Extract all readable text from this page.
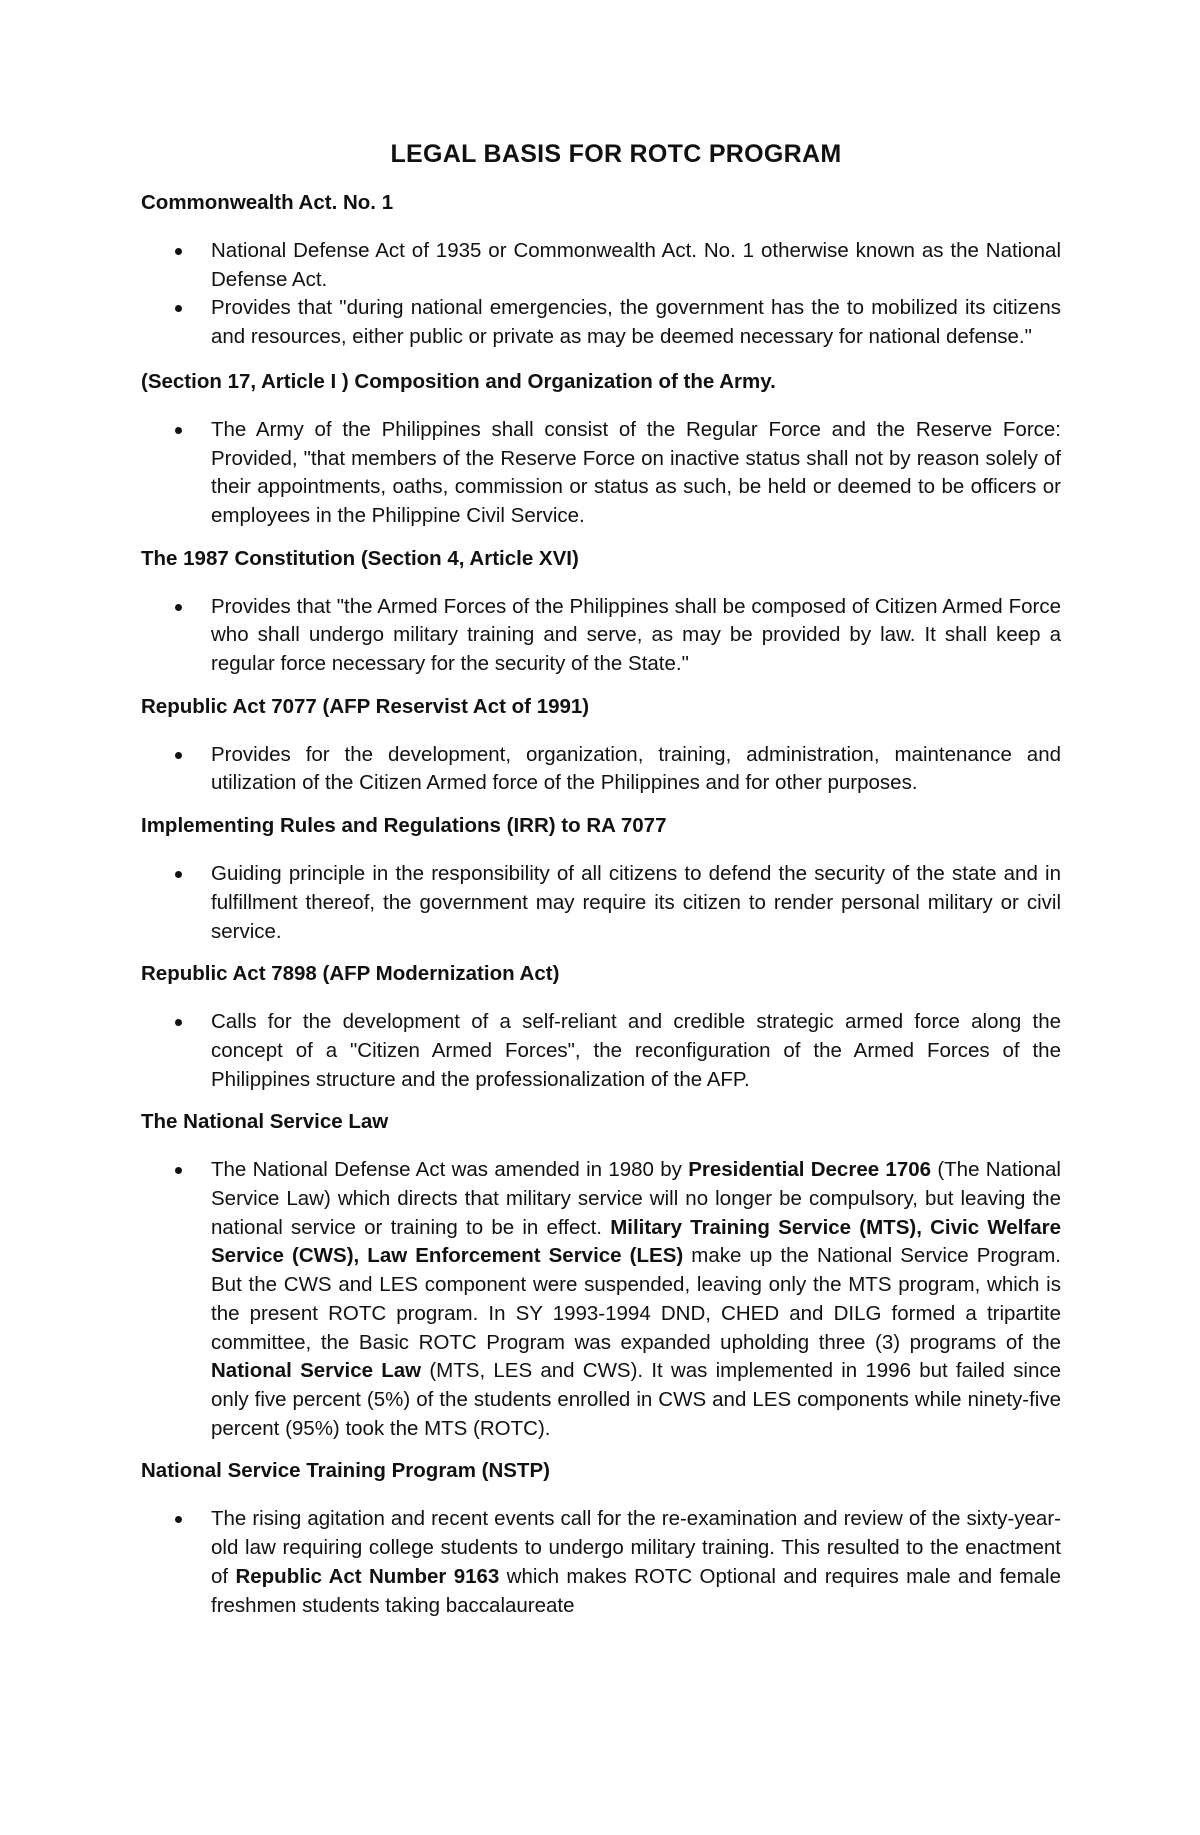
LEGAL BASIS FOR ROTC PROGRAM
Commonwealth Act. No. 1
National Defense Act of 1935 or Commonwealth Act. No. 1 otherwise known as the National Defense Act.
Provides that "during national emergencies, the government has the to mobilized its citizens and resources, either public or private as may be deemed necessary for national defense."
(Section 17, Article I ) Composition and Organization of the Army.
The Army of the Philippines shall consist of the Regular Force and the Reserve Force: Provided, "that members of the Reserve Force on inactive status shall not by reason solely of their appointments, oaths, commission or status as such, be held or deemed to be officers or employees in the Philippine Civil Service.
The 1987 Constitution (Section 4, Article XVI)
Provides that "the Armed Forces of the Philippines shall be composed of Citizen Armed Force who shall undergo military training and serve, as may be provided by law. It shall keep a regular force necessary for the security of the State."
Republic Act 7077 (AFP Reservist Act of 1991)
Provides for the development, organization, training, administration, maintenance and utilization of the Citizen Armed force of the Philippines and for other purposes.
Implementing Rules and Regulations (IRR) to RA 7077
Guiding principle in the responsibility of all citizens to defend the security of the state and in fulfillment thereof, the government may require its citizen to render personal military or civil service.
Republic Act 7898 (AFP Modernization Act)
Calls for the development of a self-reliant and credible strategic armed force along the concept of a "Citizen Armed Forces", the reconfiguration of the Armed Forces of the Philippines structure and the professionalization of the AFP.
The National Service Law
The National Defense Act was amended in 1980 by Presidential Decree 1706 (The National Service Law) which directs that military service will no longer be compulsory, but leaving the national service or training to be in effect. Military Training Service (MTS), Civic Welfare Service (CWS), Law Enforcement Service (LES) make up the National Service Program. But the CWS and LES component were suspended, leaving only the MTS program, which is the present ROTC program. In SY 1993-1994 DND, CHED and DILG formed a tripartite committee, the Basic ROTC Program was expanded upholding three (3) programs of the National Service Law (MTS, LES and CWS). It was implemented in 1996 but failed since only five percent (5%) of the students enrolled in CWS and LES components while ninety-five percent (95%) took the MTS (ROTC).
National Service Training Program (NSTP)
The rising agitation and recent events call for the re-examination and review of the sixty-year-old law requiring college students to undergo military training. This resulted to the enactment of Republic Act Number 9163 which makes ROTC Optional and requires male and female freshmen students taking baccalaureate
